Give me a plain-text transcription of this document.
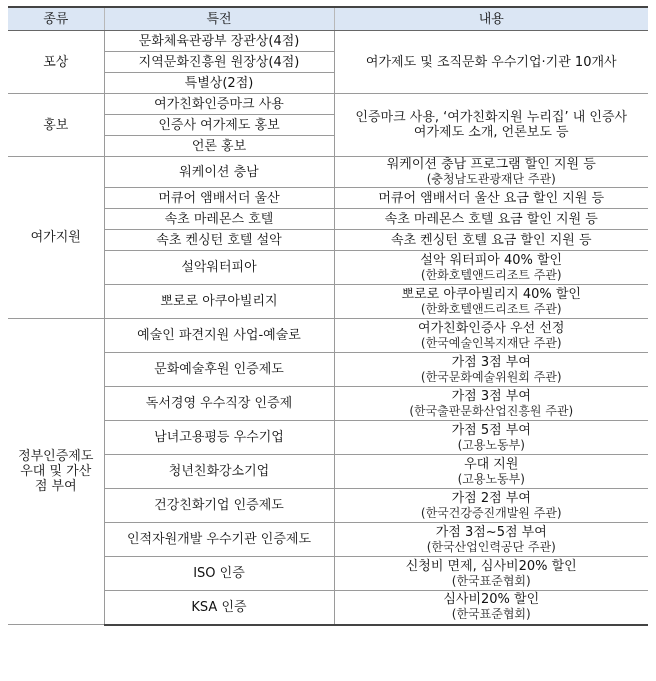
종류	특전	내용
포상	문화체육관광부 장관상(4점)	여가제도 및 조직문화 우수기업·기관 10개사
	지역문화진흥원 원장상(4점)	
	특별상(2점)	
홍보	여가친화인증마크 사용	인증마크 사용, ‘여가친화지원 누리집’ 내 인증사
여가제도 소개, 언론보도 등

	인증사 여가제도 홍보	
	언론 홍보	
여가지원	워케이션 충남	워케이션 충남 프로그램 할인 지원 등
(충청남도관광재단 주관)

	머큐어 앰배서더 울산	머큐어 앰배서더 울산 요금 할인 지원 등
	속초 마레몬스 호텔	속초 마레몬스 호텔 요금 할인 지원 등
	속초 켄싱턴 호텔 설악	속초 켄싱턴 호텔 요금 할인 지원 등
	설악워터피아	설악 워터피아 40% 할인
(한화호텔앤드리조트 주관)

	뽀로로 아쿠아빌리지	뽀로로 아쿠아빌리지 40% 할인
(한화호텔앤드리조트 주관)

정부인증제도
우대 및 가산
점 부여	예술인 파견지원 사업-예술로	여가친화인증사 우선 선정
(한국예술인복지재단 주관)

	문화예술후원 인증제도	가점 3점 부여
(한국문화예술위원회 주관)

	독서경영 우수직장 인증제	가점 3점 부여
(한국출판문화산업진흥원 주관)

	남녀고용평등 우수기업	가점 5점 부여
(고용노동부)

	청년친화강소기업	우대 지원
(고용노동부)

	건강친화기업 인증제도	가점 2점 부여
(한국건강증진개발원 주관)

	인적자원개발 우수기관 인증제도	가점 3점~5점 부여
(한국산업인력공단 주관)

	ISO 인증	신청비 면제, 심사비20% 할인
(한국표준협회)

	KSA 인증	심사비20% 할인
(한국표준협회)
